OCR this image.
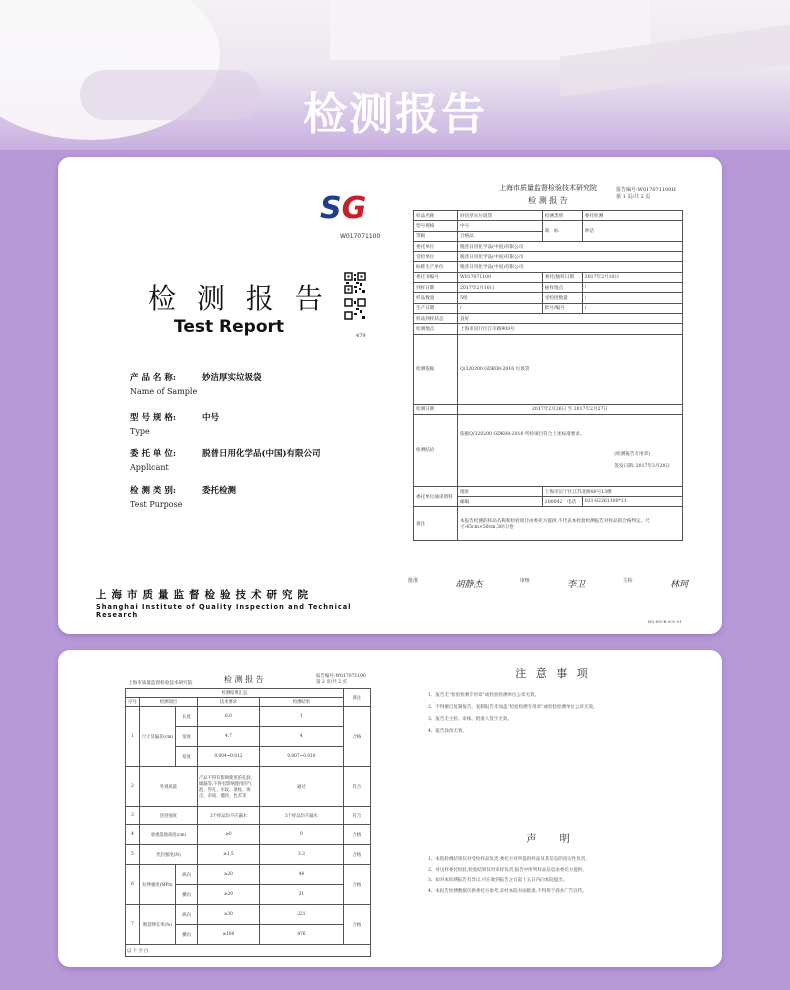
检测报告
SG
W017071100
检 测 报 告
Test Report	479
产 品 名 称:	妙洁厚实垃圾袋
Name of Sample
型 号 规 格:	中号
Type
委 托 单 位:	脱普日用化学品(中国)有限公司
Applicant
检 测 类 别:	委托检测
Test Purpose
上海市质量监督检验技术研究院
Shanghai Institute of Quality Inspection and Technical Research
上海市质量监督检验技术研究院
检 测 报 告
报告编号:W017071100H
第 1 页/共 2 页
样品名称	妙洁厚实垃圾袋	检测类别	委托检测
型号规格	中号	商　标	妙洁
等级	合格品		
委托单位	脱普日用化学品(中国)有限公司		
受检单位	脱普日用化学品(中国)有限公司		
标称生产单位	脱普日用化学品(中国)有限公司		
委托书编号	W017071100	委托/抽样日期	2017年2月10日
到样日期	2017年2月10日	抽样地点	/
样品数量	5组	受检批数量	/
生产日期	/	批号/编号	/
样品到样状态	良好		
检测地点	上海市闵行区江川路900号		
检测依据	Q/320200 GDK08-2016 垃圾袋		
检测日期	2017年2月26日 至 2017年2月27日		
检测结论	依据Q/320200 GDK08-2016 所检项目符合上述标准要求。
(检测报告专用章)
签发日期: 2017年3月28日		

委托单位通讯资料	地址	上海市长宁区江苏北路80号13楼	
	邮编	200042　 电话	021-62261100*11
备注	本报告检测的样品名称和检验项目由委托方提供,不代表本检验检测报告对样品的合格判定。尺寸:45cm×50cm,30只/卷		
批准	胡静杰	审核	李卫	主检	林珂
BQ-RG-B-001-01
上海市质量监督检验技术研究院	检 测 报 告	报告编号:W017071100
第 2 页/共 2 页
检测结果汇总					备注
序号	检测项目		技术要求	检测结果	
1	尺寸及偏差(cm)	长度	6.0	1	合格
		宽度	4.7	4	
		厚度	0.004~0.012	0.007~0.010	
2	外观质量		产品不得有影响使用的孔洞、破漏等,不得有影响使用的气泡、穿孔、水纹、条纹、斑点、杂质、僵块、色差等	通过	符合
3	热封强度		3个样品均不应漏水	3个样品均不漏水	符合
4	承重落地高度(cm)		≥0	0	合格
5	热封强度(N)		≥1.5	3.3	合格
6	拉伸强度(MPa)	纵向	≥20	44	合格
		横向	≥20	21	
7	断裂伸长率(%)	纵向	≥30	221	合格
		横向	≥100	476	
以 下 空 白					
注 意 事 项
1、报告无“检验检测专用章”或检验检测单位公章无效。
2、不得擅自复制报告。复制报告未加盖“检验检测专用章”或检验检测单位公章无效。
3、报告无主检、审核、批准人签字无效。
4、报告涂改无效。
声 明
1、本院检测结果仅对受检样品负责,委托方对所提供样品及其信息的真实性负责。
2、对送样委托检验,检验结果仅对来样负责,报告中所列样品信息由委托方提供。
3、如对本检测报告有异议,可在收到报告之日起十五日内向本院提出。
4、本报告检测数据仅供委托方参考,未经本院书面批准,不得用于商业广告宣传。
